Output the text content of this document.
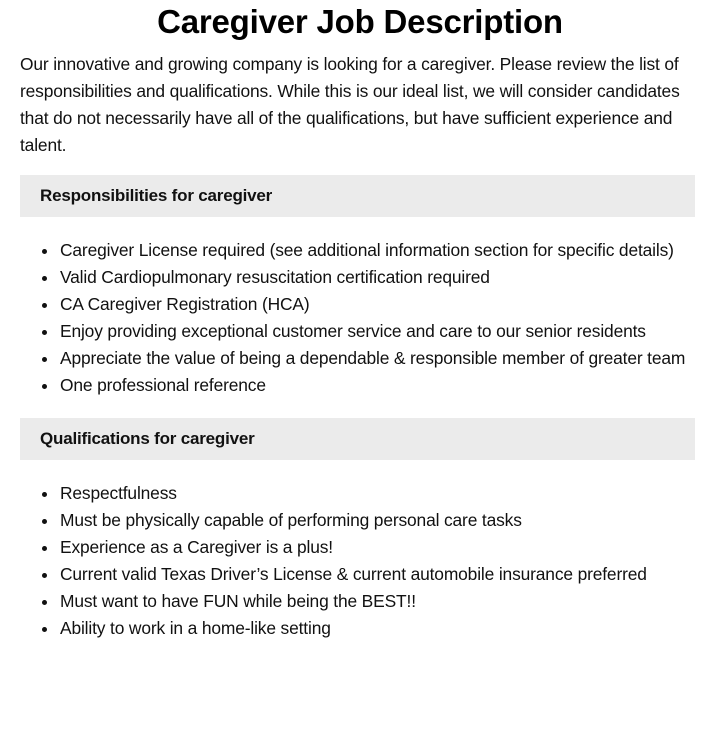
Caregiver Job Description

Our innovative and growing company is looking for a caregiver. Please review the list of responsibilities and qualifications. While this is our ideal list, we will consider candidates that do not necessarily have all of the qualifications, but have sufficient experience and talent.

Responsibilities for caregiver
Caregiver License required (see additional information section for specific details)
Valid Cardiopulmonary resuscitation certification required
CA Caregiver Registration (HCA)
Enjoy providing exceptional customer service and care to our senior residents
Appreciate the value of being a dependable & responsible member of greater team
One professional reference
Qualifications for caregiver
Respectfulness
Must be physically capable of performing personal care tasks
Experience as a Caregiver is a plus!
Current valid Texas Driver’s License & current automobile insurance preferred
Must want to have FUN while being the BEST!!
Ability to work in a home-like setting
